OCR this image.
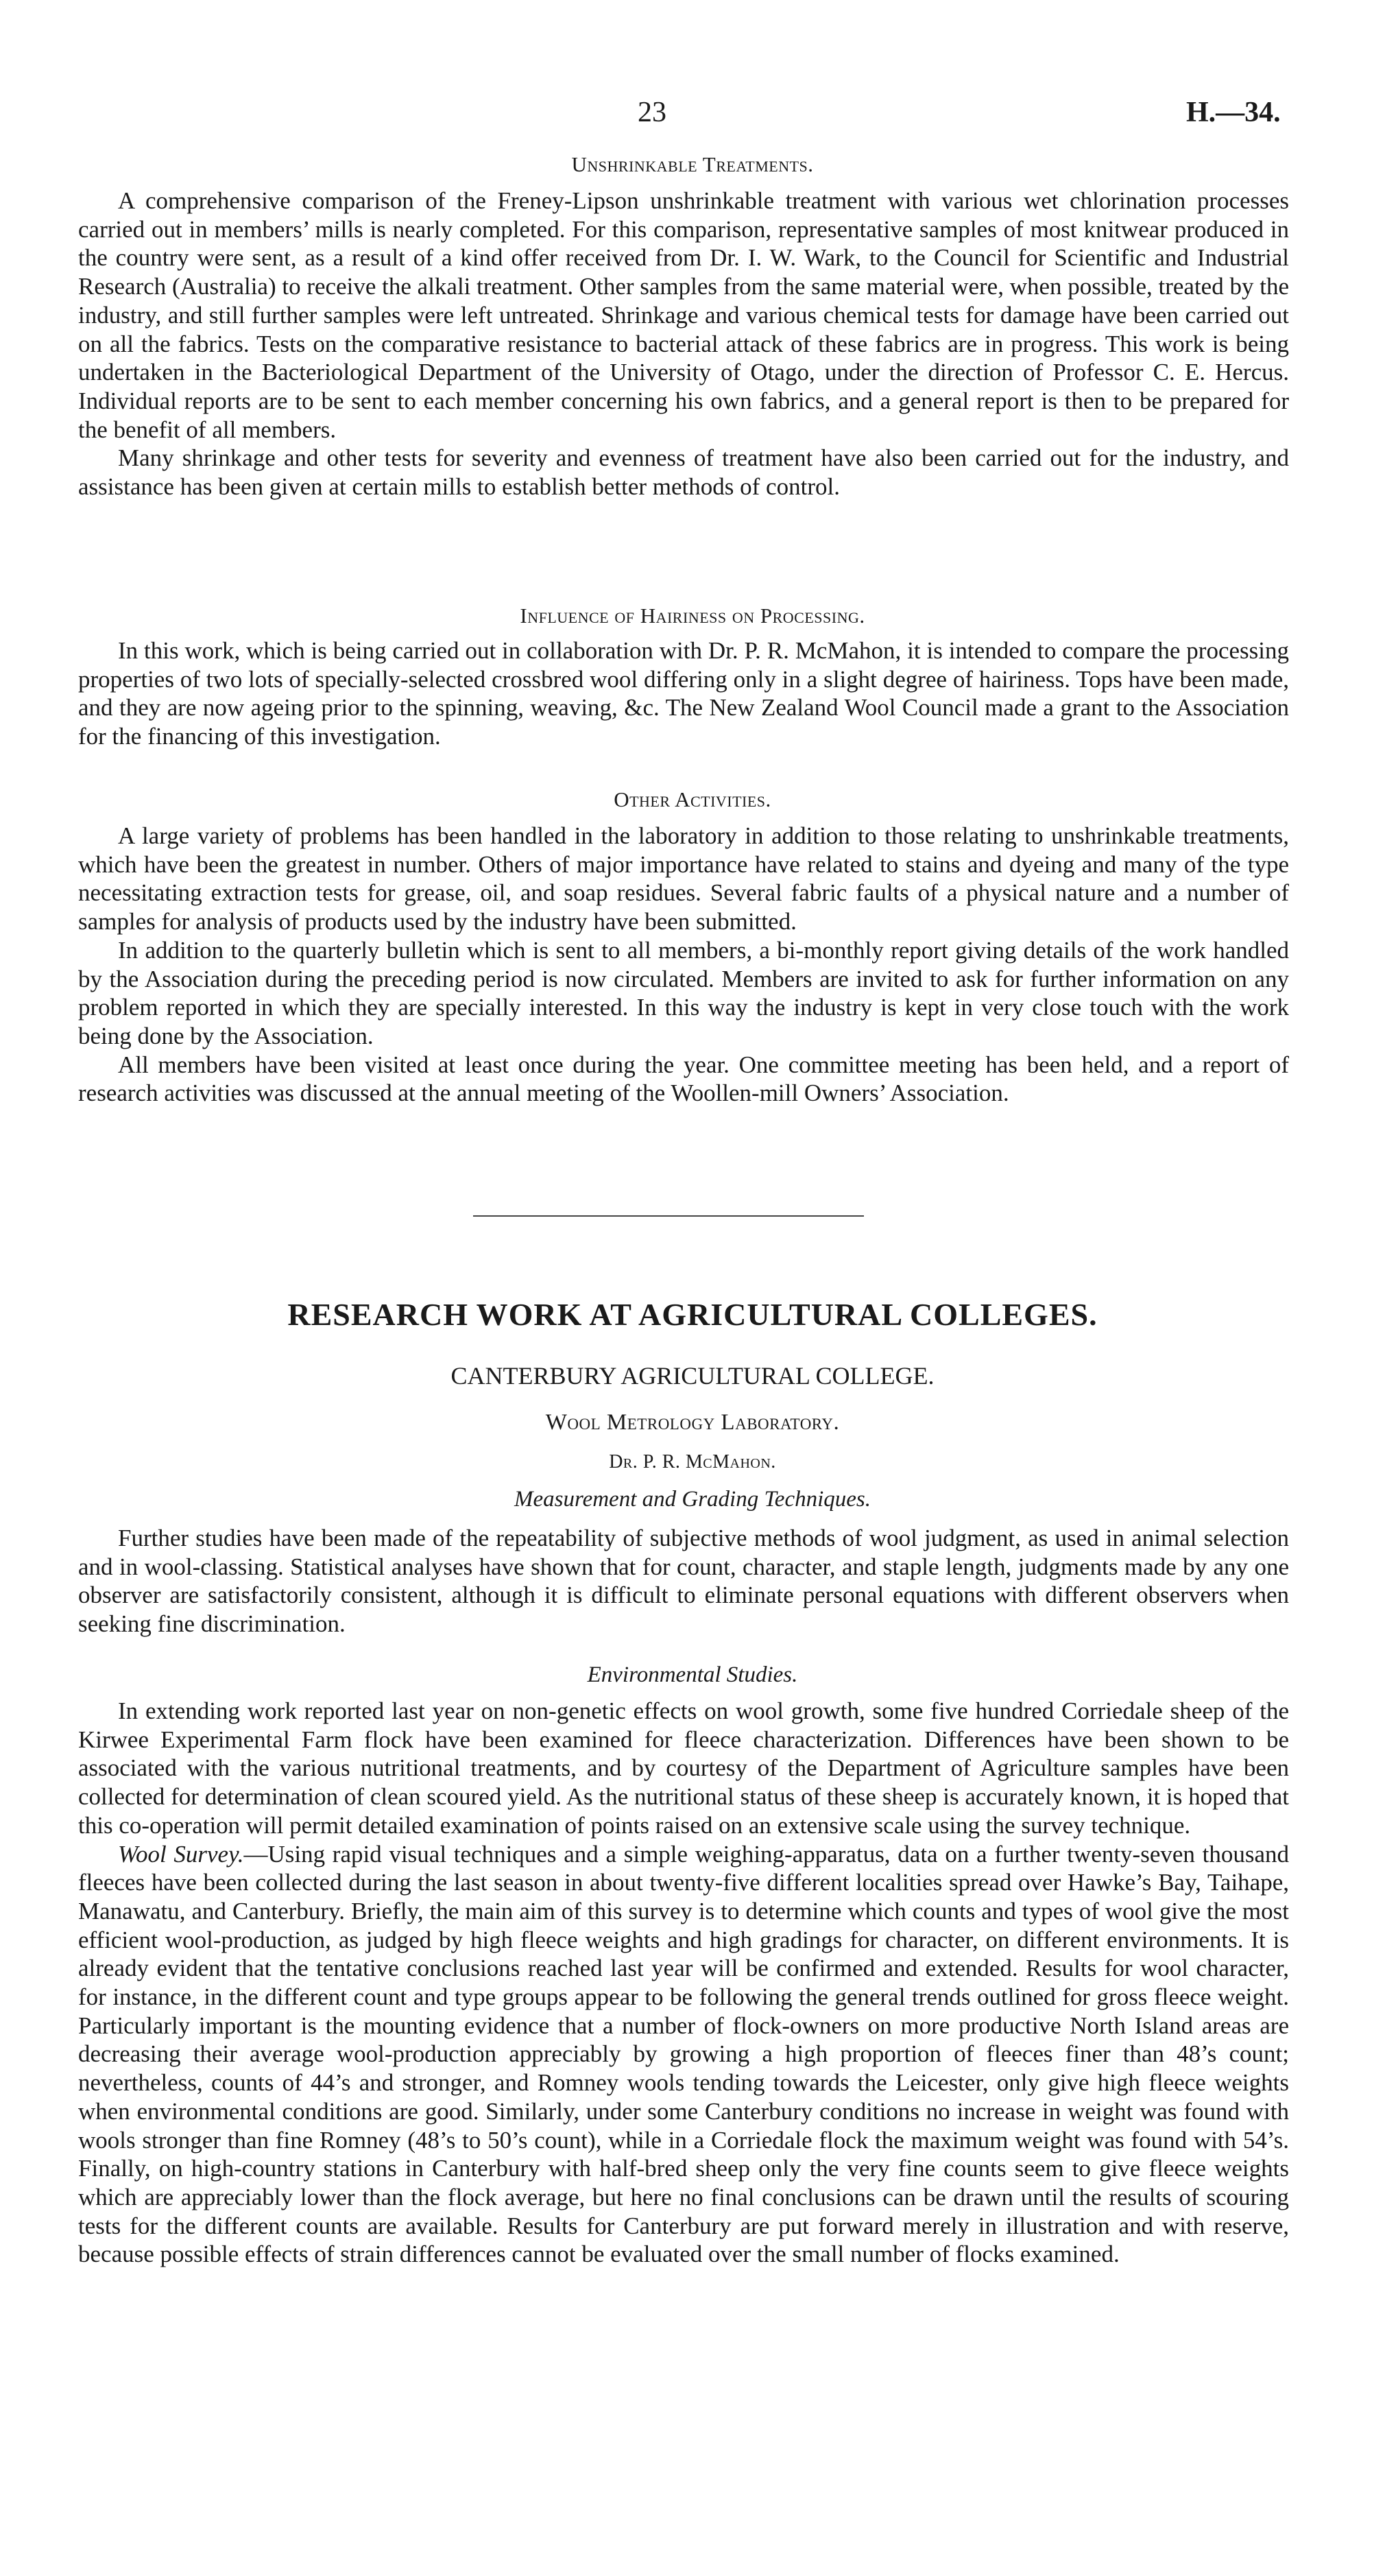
23	H.—34.
Unshrinkable Treatments.

A comprehensive comparison of the Freney-Lipson unshrinkable treatment with various wet chlorination processes carried out in members’ mills is nearly completed. For this comparison, representative samples of most knitwear produced in the country were sent, as a result of a kind offer received from Dr. I. W. Wark, to the Council for Scientific and Industrial Research (Australia) to receive the alkali treatment. Other samples from the same material were, when possible, treated by the industry, and still further samples were left untreated. Shrinkage and various chemical tests for damage have been carried out on all the fabrics. Tests on the comparative resistance to bacterial attack of these fabrics are in progress. This work is being undertaken in the Bacteriological Department of the University of Otago, under the direction of Professor C. E. Hercus. Individual reports are to be sent to each member concerning his own fabrics, and a general report is then to be prepared for the benefit of all members.

Many shrinkage and other tests for severity and evenness of treatment have also been carried out for the industry, and assistance has been given at certain mills to establish better methods of control.

Influence of Hairiness on Processing.

In this work, which is being carried out in collaboration with Dr. P. R. McMahon, it is intended to compare the processing properties of two lots of specially-selected crossbred wool differing only in a slight degree of hairiness. Tops have been made, and they are now ageing prior to the spinning, weaving, &c. The New Zealand Wool Council made a grant to the Association for the financing of this investigation.

Other Activities.

A large variety of problems has been handled in the laboratory in addition to those relating to unshrinkable treatments, which have been the greatest in number. Others of major importance have related to stains and dyeing and many of the type necessitating extraction tests for grease, oil, and soap residues. Several fabric faults of a physical nature and a number of samples for analysis of products used by the industry have been submitted.

In addition to the quarterly bulletin which is sent to all members, a bi-monthly report giving details of the work handled by the Association during the preceding period is now circulated. Members are invited to ask for further information on any problem reported in which they are specially interested. In this way the industry is kept in very close touch with the work being done by the Association.

All members have been visited at least once during the year. One committee meeting has been held, and a report of research activities was discussed at the annual meeting of the Woollen-mill Owners’ Association.

RESEARCH WORK AT AGRICULTURAL COLLEGES.
CANTERBURY AGRICULTURAL COLLEGE.
Wool Metrology Laboratory.
Dr. P. R. McMahon.
Measurement and Grading Techniques.

Further studies have been made of the repeatability of subjective methods of wool judgment, as used in animal selection and in wool-classing. Statistical analyses have shown that for count, character, and staple length, judgments made by any one observer are satisfactorily consistent, although it is difficult to eliminate personal equations with different observers when seeking fine discrimination.

Environmental Studies.

In extending work reported last year on non-genetic effects on wool growth, some five hundred Corriedale sheep of the Kirwee Experimental Farm flock have been examined for fleece characterization. Differences have been shown to be associated with the various nutritional treatments, and by courtesy of the Department of Agriculture samples have been collected for determination of clean scoured yield. As the nutritional status of these sheep is accurately known, it is hoped that this co-operation will permit detailed examination of points raised on an extensive scale using the survey technique.

Wool Survey.—Using rapid visual techniques and a simple weighing-apparatus, data on a further twenty-seven thousand fleeces have been collected during the last season in about twenty-five different localities spread over Hawke’s Bay, Taihape, Manawatu, and Canterbury. Briefly, the main aim of this survey is to determine which counts and types of wool give the most efficient wool-production, as judged by high fleece weights and high gradings for character, on different environments. It is already evident that the tentative conclusions reached last year will be confirmed and extended. Results for wool character, for instance, in the different count and type groups appear to be following the general trends outlined for gross fleece weight. Particularly important is the mounting evidence that a number of flock-owners on more productive North Island areas are decreasing their average wool-production appreciably by growing a high proportion of fleeces finer than 48’s count; nevertheless, counts of 44’s and stronger, and Romney wools tending towards the Leicester, only give high fleece weights when environmental conditions are good. Similarly, under some Canterbury conditions no increase in weight was found with wools stronger than fine Romney (48’s to 50’s count), while in a Corriedale flock the maximum weight was found with 54’s. Finally, on high-country stations in Canterbury with half-bred sheep only the very fine counts seem to give fleece weights which are appreciably lower than the flock average, but here no final conclusions can be drawn until the results of scouring tests for the different counts are available. Results for Canterbury are put forward merely in illustration and with reserve, because possible effects of strain differences cannot be evaluated over the small number of flocks examined.
